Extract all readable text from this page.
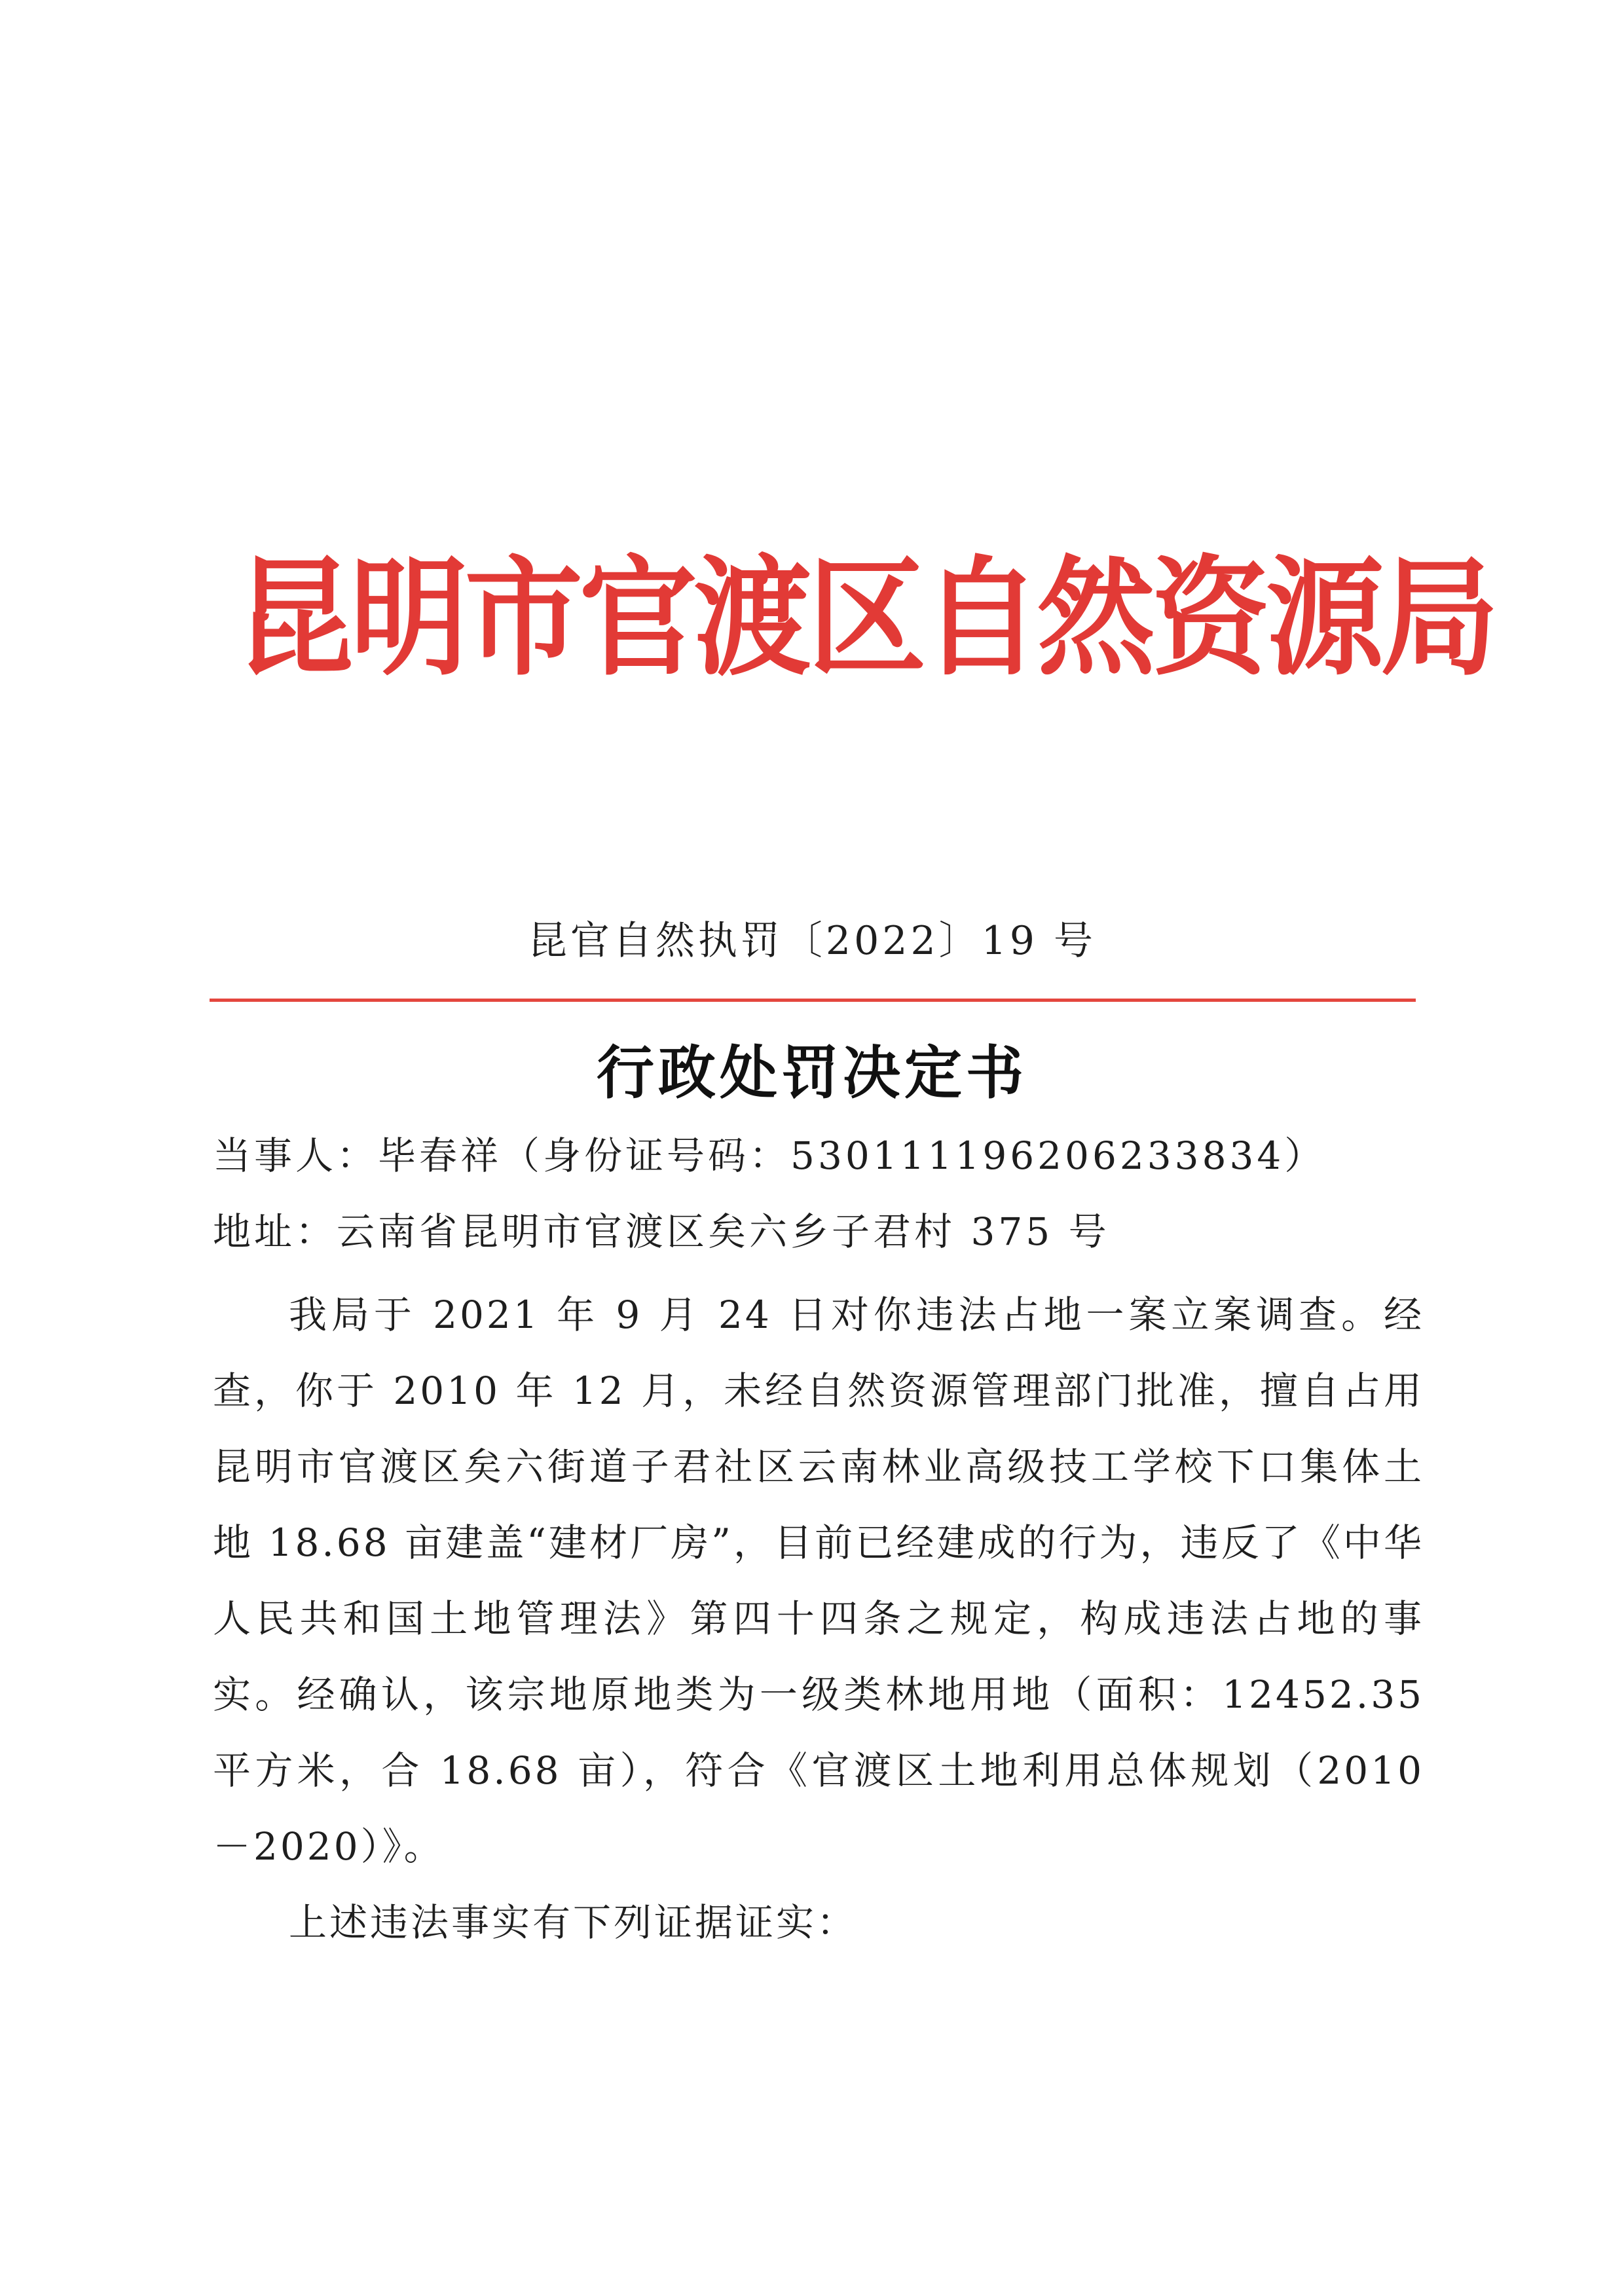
昆明市官渡区自然资源局
昆官自然执罚〔2022〕19 号
行政处罚决定书
当事人：毕春祥（身份证号码：530111196206233834）
地址：云南省昆明市官渡区矣六乡子君村 375 号

我局于 2021 年 9 月 24 日对你违法占地一案立案调查。经查，你于 2010 年 12 月，未经自然资源管理部门批准，擅自占用昆明市官渡区矣六街道子君社区云南林业高级技工学校下口集体土地 18.68 亩建盖“建材厂房”，目前已经建成的行为，违反了《中华人民共和国土地管理法》第四十四条之规定，构成违法占地的事实。经确认，该宗地原地类为一级类林地用地（面积：12452.35 平方米，合 18.68 亩），符合《官渡区土地利用总体规划（2010－2020）》。

上述违法事实有下列证据证实：
